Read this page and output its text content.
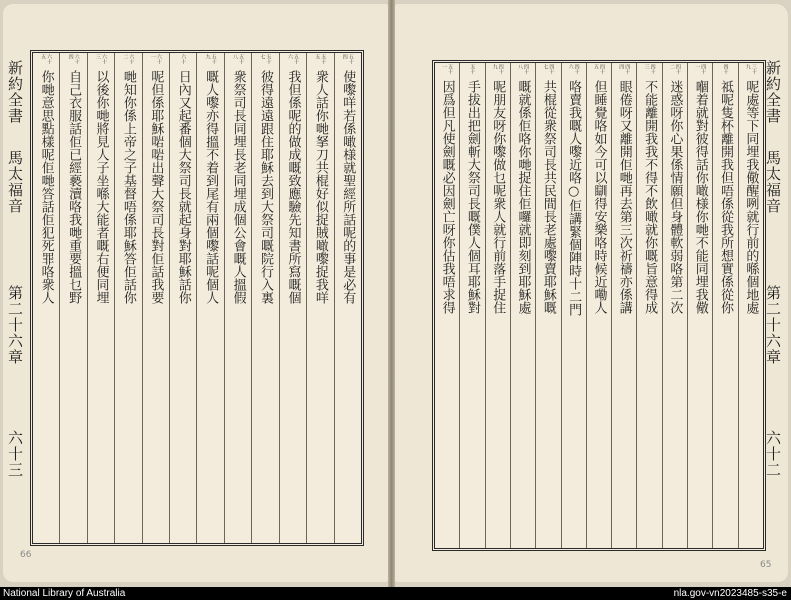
五十四
使嚟咩若係噉様就聖經所話呢的事是必有
五十五
衆人話你哋拏刀共棍好似捉賊噉嚟捉我咩
五十六
我但係呢的做成嘅致應驗先知書所寫嘅個
五十七
彼得遠遠跟住耶穌去到大祭司嘅院行入裏
五十八
衆祭司長同埋長老同埋成個公會嘅人搵假
五十九
嘅人嚟亦得搵不着到尾有兩個嚟話呢個人
六十
日內又起番個大祭司長就起身對耶穌話你
六十一
呢但係耶穌啱啱出聲大祭司長對佢話我要
六十二
哋知你係上帝之子基督唔係耶穌答佢話你
六十三
以後你哋將見人子坐喺大能者嘅右便同埋
六十四
自己衣服話佢已經褻瀆咯我哋重要搵乜野
六十五
你哋意思點樣呢佢哋答話佢犯死罪咯衆人
新約全書
馬太福音
第二十六章
六十三
66
三十九
呢處等下同埋我儆醒咧就行前的喺個地處
四十
祗呢隻杯離開我但唔係從我所想實係從你
四十一
嗰着就對彼得話你噉様你哋不能同埋我儆
四十二
迷惑呀你心果係情願但身體軟弱咯第二次
四十三
不能離開我我不得不飲噉就你嘅旨意得成
四十四
眼倦呀又離開佢哋再去第三次祈禱亦係講
四十五
但睡覺咯如今可以瞓得安樂咯時候近嘞人
四十六
咯賣我嘅人嚟近咯○佢講緊個陣時十二門
四十七
共棍從衆祭司長共民間長老處嚟賣耶穌嘅
四十八
嘅就係佢咯你哋捉住佢囉就即刻到耶穌處
四十九
呢朋友呀你嚟做乜呢衆人就行前落手捉住
五十
手拔出把劍斬大祭司長嘅僕人個耳耶穌對
五十一
因爲但凡使劍嘅必因劍亡呀你估我唔求得	新約全書
馬太福音
第二十六章
六十二
65
National Library of Australia	nla.gov-vn2023485-s35-e
